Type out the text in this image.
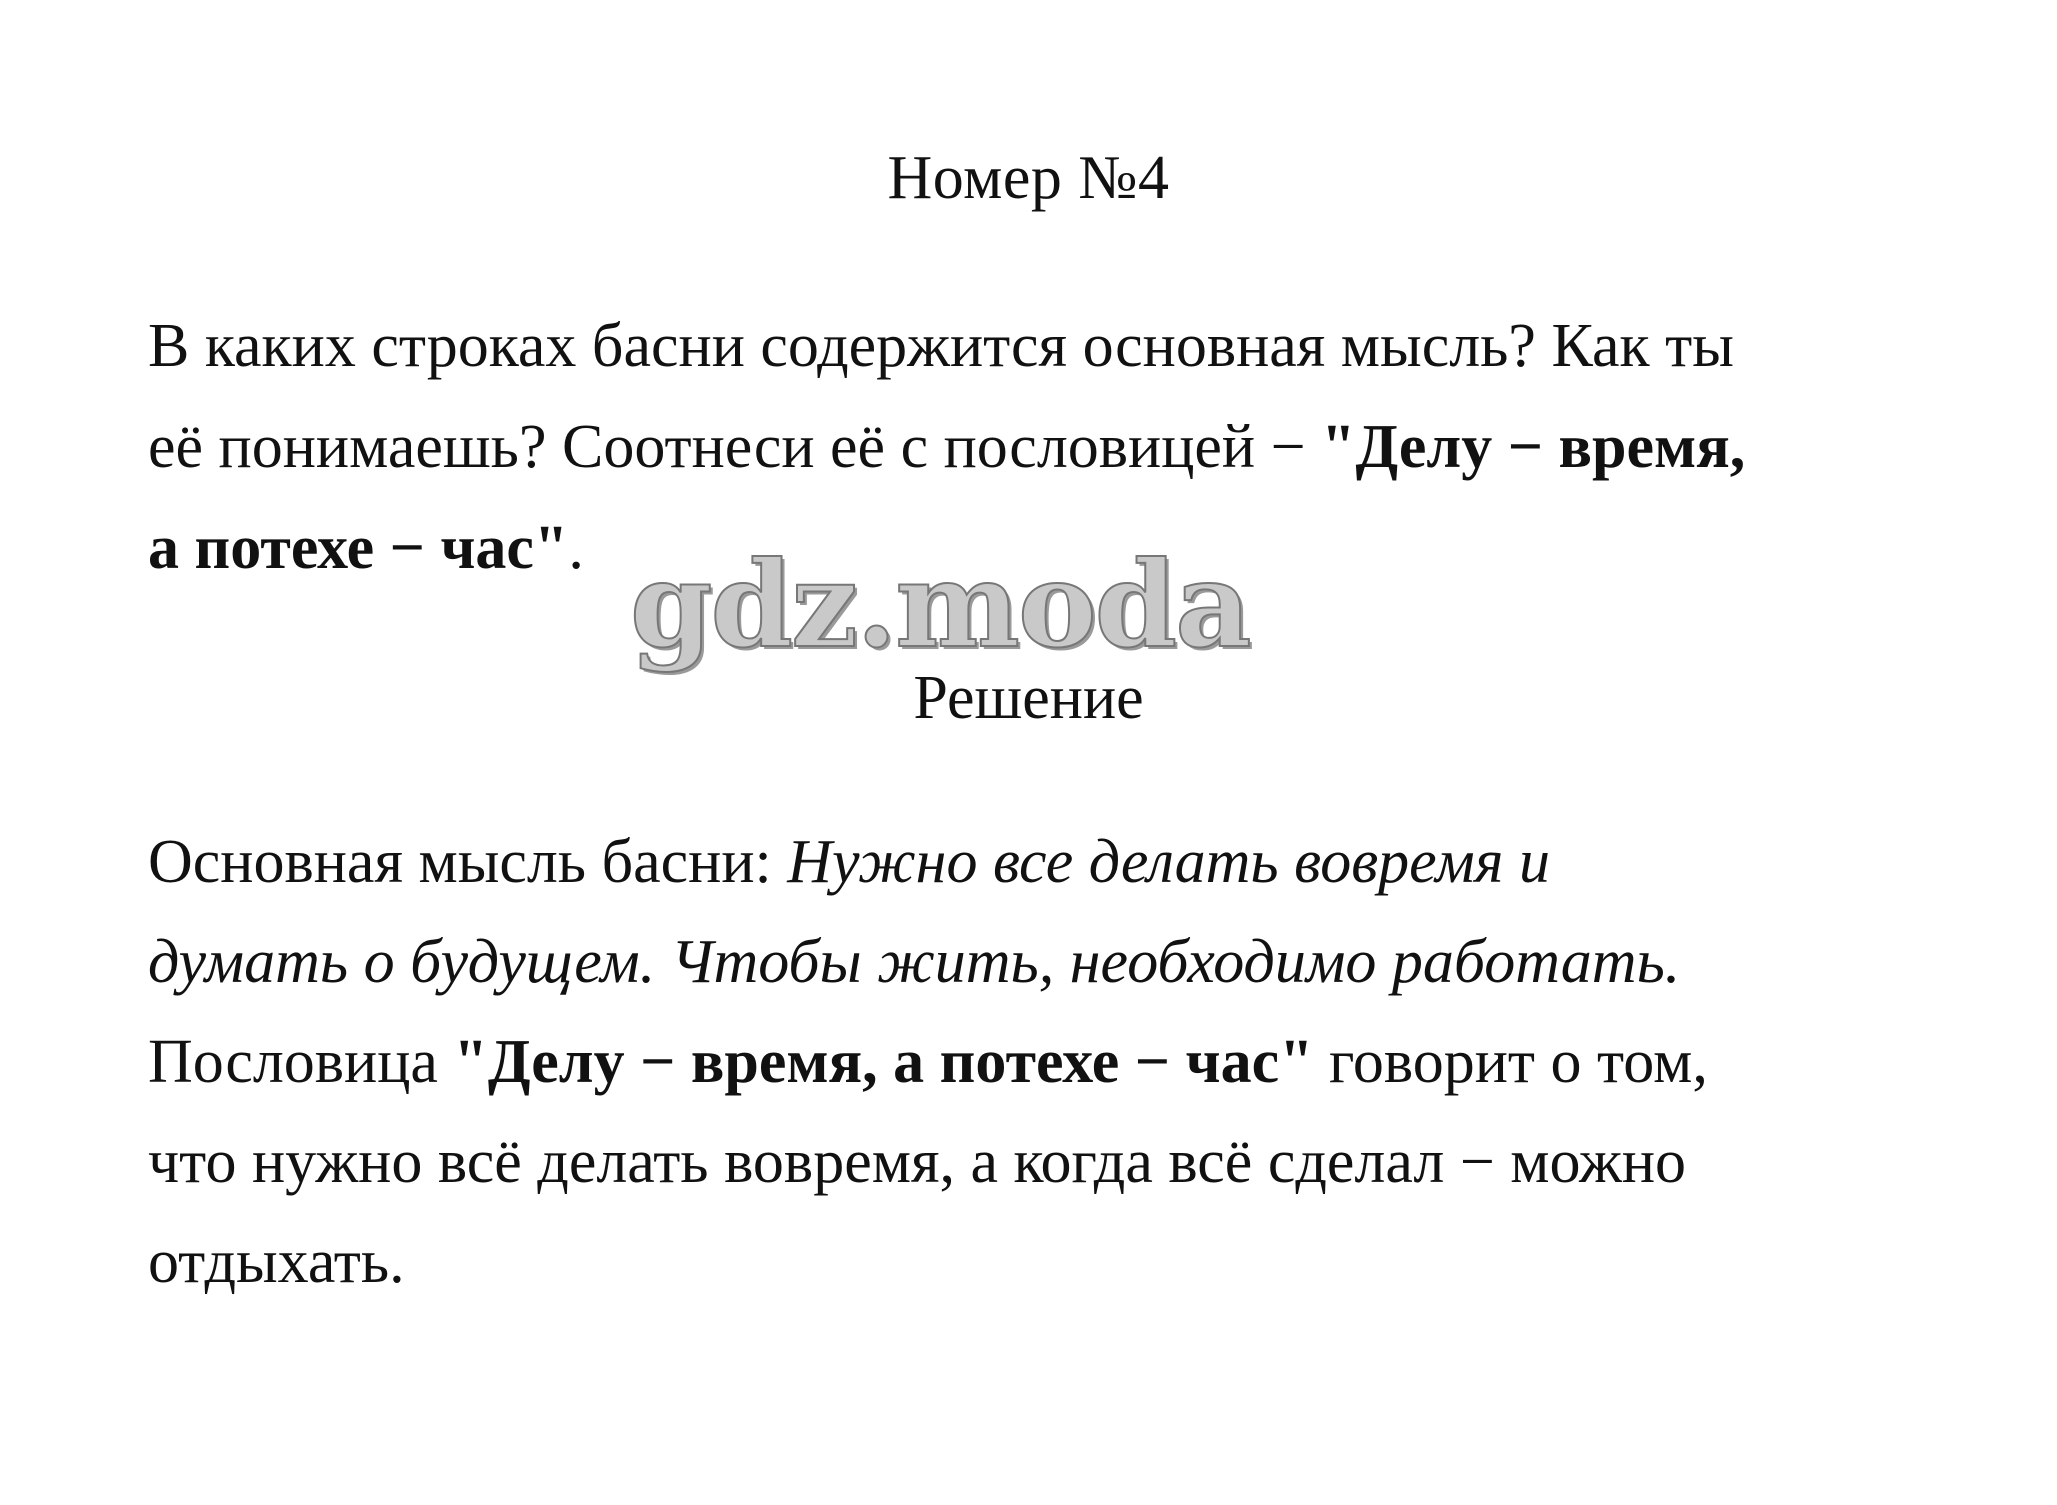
Номер №4
В каких строках басни содержится основная мысль? Как ты
её понимаешь? Соотнеси её с пословицей − "Делу − время,
а потехе − час". gdz.moda
Решение
Основная мысль басни: Нужно все делать вовремя и
думать о будущем. Чтобы жить, необходимо работать.
Пословица "Делу − время, а потехе − час" говорит о том,
что нужно всё делать вовремя, а когда всё сделал − можно
отдыхать.
